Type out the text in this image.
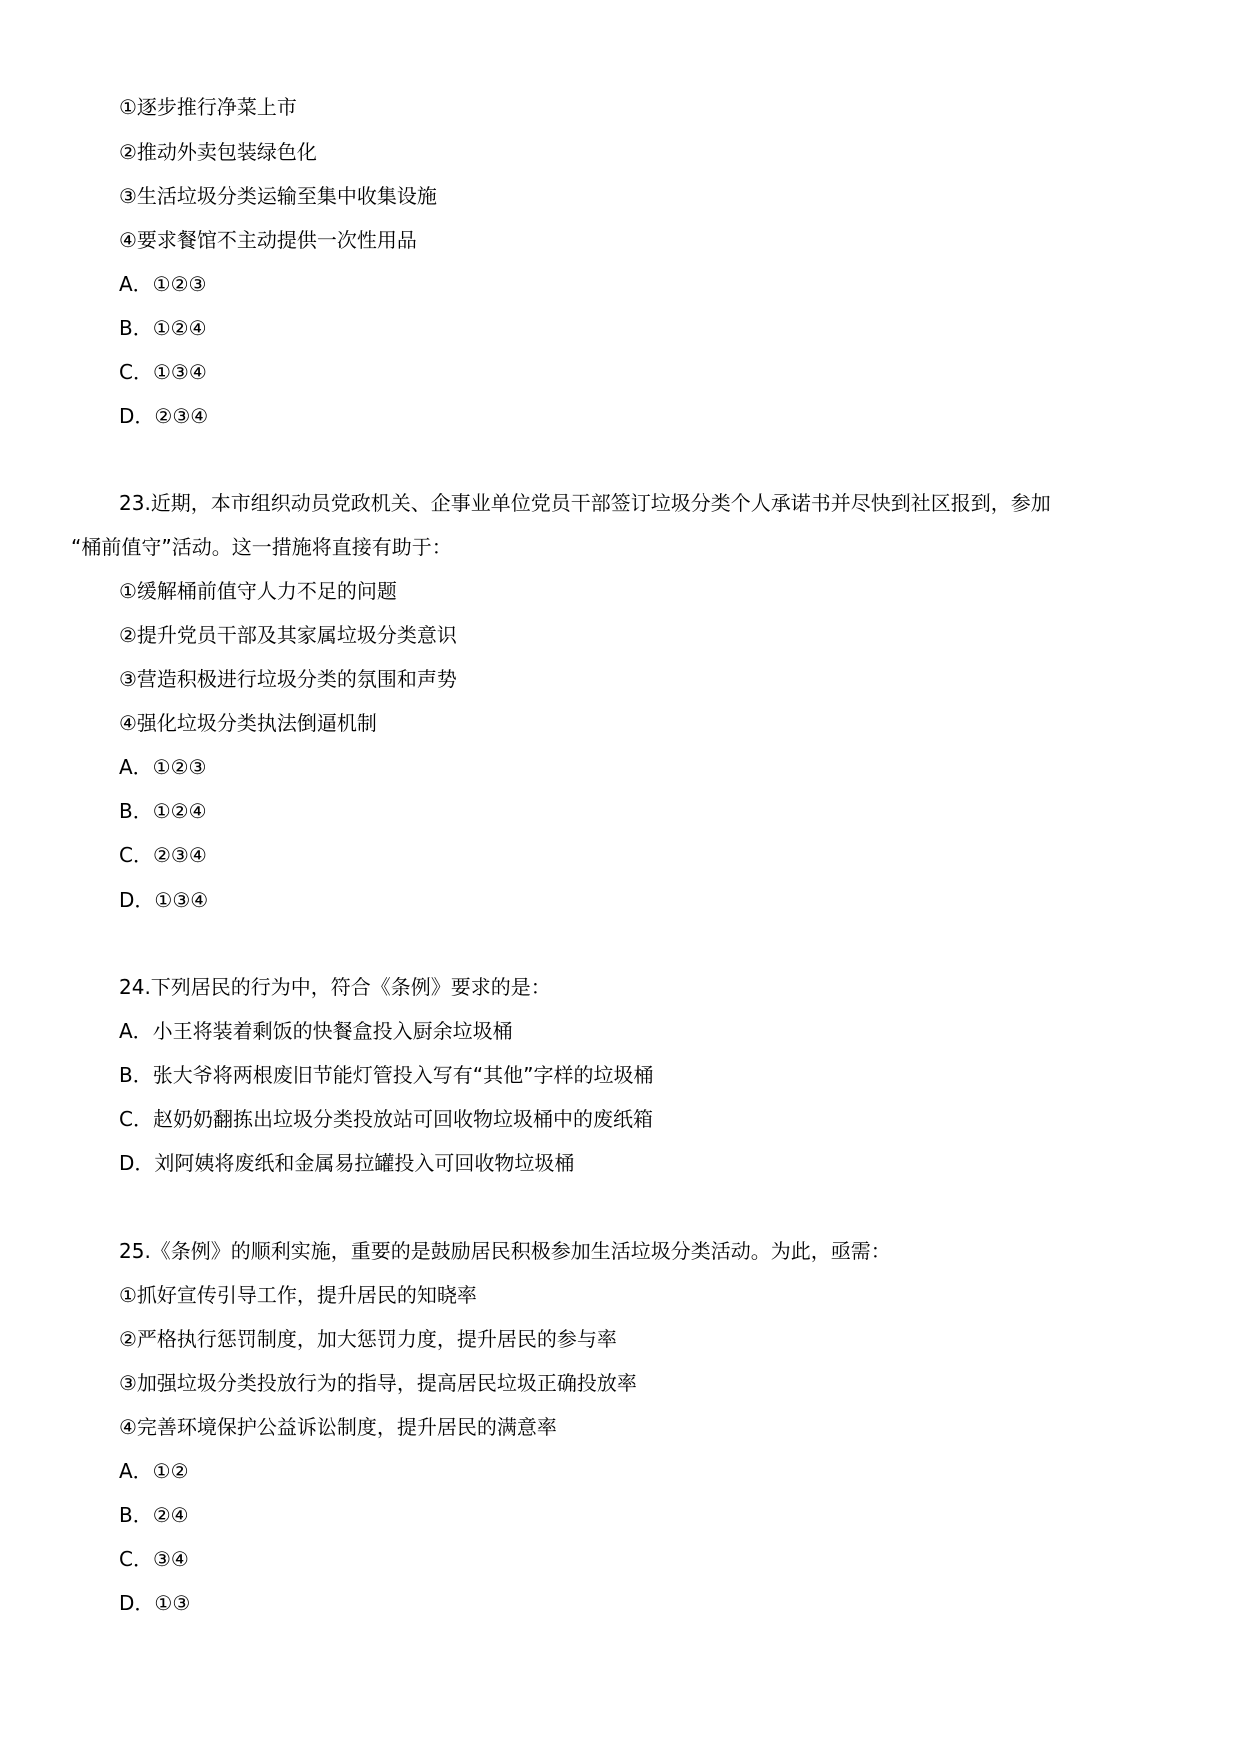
①逐步推行净菜上市
②推动外卖包装绿色化
③生活垃圾分类运输至集中收集设施
④要求餐馆不主动提供一次性用品
A．①②③
B．①②④
C．①③④
D．②③④
23.近期，本市组织动员党政机关、企事业单位党员干部签订垃圾分类个人承诺书并尽快到社区报到，参加
“桶前值守”活动。这一措施将直接有助于：
①缓解桶前值守人力不足的问题
②提升党员干部及其家属垃圾分类意识
③营造积极进行垃圾分类的氛围和声势
④强化垃圾分类执法倒逼机制
A．①②③
B．①②④
C．②③④
D．①③④
24.下列居民的行为中，符合《条例》要求的是：
A．小王将装着剩饭的快餐盒投入厨余垃圾桶
B．张大爷将两根废旧节能灯管投入写有“其他”字样的垃圾桶
C．赵奶奶翻拣出垃圾分类投放站可回收物垃圾桶中的废纸箱
D．刘阿姨将废纸和金属易拉罐投入可回收物垃圾桶
25.《条例》的顺利实施，重要的是鼓励居民积极参加生活垃圾分类活动。为此，亟需：
①抓好宣传引导工作，提升居民的知晓率
②严格执行惩罚制度，加大惩罚力度，提升居民的参与率
③加强垃圾分类投放行为的指导，提高居民垃圾正确投放率
④完善环境保护公益诉讼制度，提升居民的满意率
A．①②
B．②④
C．③④
D．①③
